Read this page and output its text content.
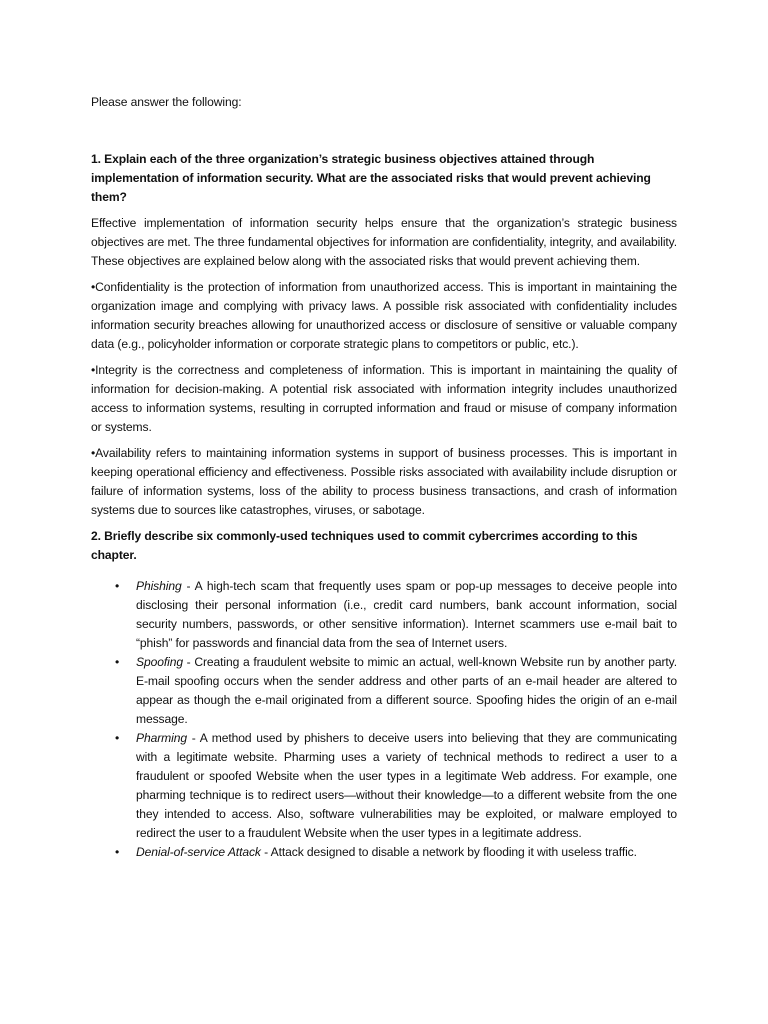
Please answer the following:

1. Explain each of the three organization’s strategic business objectives attained through implementation of information security. What are the associated risks that would prevent achieving them?

Effective implementation of information security helps ensure that the organization’s strategic business objectives are met. The three fundamental objectives for information are confidentiality, integrity, and availability. These objectives are explained below along with the associated risks that would prevent achieving them.

•Confidentiality is the protection of information from unauthorized access. This is important in maintaining the organization image and complying with privacy laws. A possible risk associated with confidentiality includes information security breaches allowing for unauthorized access or disclosure of sensitive or valuable company data (e.g., policyholder information or corporate strategic plans to competitors or public, etc.).

•Integrity is the correctness and completeness of information. This is important in maintaining the quality of information for decision-making. A potential risk associated with information integrity includes unauthorized access to information systems, resulting in corrupted information and fraud or misuse of company information or systems.

•Availability refers to maintaining information systems in support of business processes. This is important in keeping operational efficiency and effectiveness. Possible risks associated with availability include disruption or failure of information systems, loss of the ability to process business transactions, and crash of information systems due to sources like catastrophes, viruses, or sabotage.

2. Briefly describe six commonly-used techniques used to commit cybercrimes according to this chapter.

• Phishing - A high-tech scam that frequently uses spam or pop-up messages to deceive people into disclosing their personal information (i.e., credit card numbers, bank account information, social security numbers, passwords, or other sensitive information). Internet scammers use e-mail bait to “phish” for passwords and financial data from the sea of Internet users.
• Spoofing - Creating a fraudulent website to mimic an actual, well-known Website run by another party. E-mail spoofing occurs when the sender address and other parts of an e-mail header are altered to appear as though the e-mail originated from a different source. Spoofing hides the origin of an e-mail message.
• Pharming - A method used by phishers to deceive users into believing that they are communicating with a legitimate website. Pharming uses a variety of technical methods to redirect a user to a fraudulent or spoofed Website when the user types in a legitimate Web address. For example, one pharming technique is to redirect users—without their knowledge—to a different website from the one they intended to access. Also, software vulnerabilities may be exploited, or malware employed to redirect the user to a fraudulent Website when the user types in a legitimate address.
• Denial-of-service Attack - Attack designed to disable a network by flooding it with useless traffic.
